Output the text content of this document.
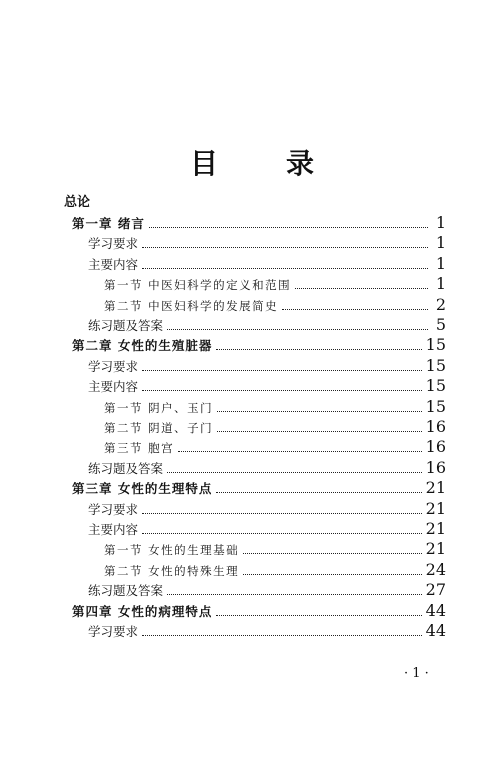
目 录
总论
第一章 绪言	1
学习要求	1
主要内容	1
第一节 中医妇科学的定义和范围	1
第二节 中医妇科学的发展简史	2
练习题及答案	5
第二章 女性的生殖脏器	15
学习要求	15
主要内容	15
第一节 阴户、玉门	15
第二节 阴道、子门	16
第三节 胞宫	16
练习题及答案	16
第三章 女性的生理特点	21
学习要求	21
主要内容	21
第一节 女性的生理基础	21
第二节 女性的特殊生理	24
练习题及答案	27
第四章 女性的病理特点	44
学习要求	44
· 1 ·
